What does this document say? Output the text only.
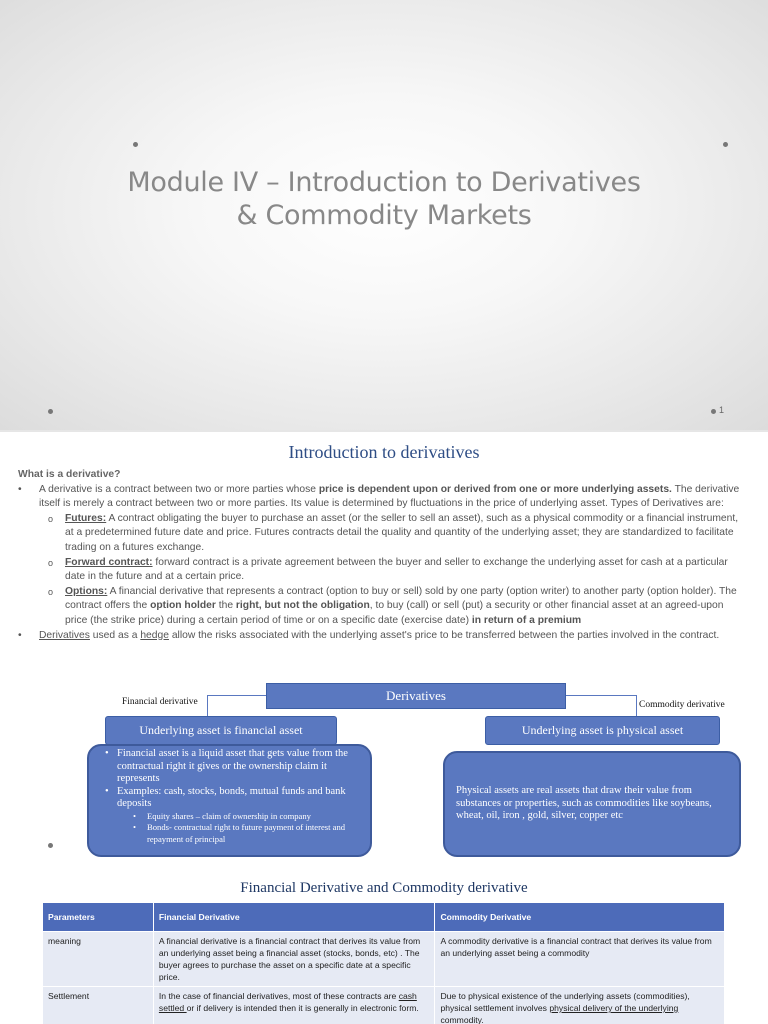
Module IV – Introduction to Derivatives
& Commodity Markets
1
Introduction to derivatives
What is a derivative?
• A derivative is a contract between two or more parties whose price is dependent upon or derived from one or more underlying assets. The derivative itself is merely a contract between two or more parties. Its value is determined by fluctuations in the price of underlying asset. Types of Derivatives are:
o Futures: A contract obligating the buyer to purchase an asset (or the seller to sell an asset), such as a physical commodity or a financial instrument, at a predetermined future date and price. Futures contracts detail the quality and quantity of the underlying asset; they are standardized to facilitate trading on a futures exchange.
o Forward contract: forward contract is a private agreement between the buyer and seller to exchange the underlying asset for cash at a particular date in the future and at a certain price.
o Options: A financial derivative that represents a contract (option to buy or sell) sold by one party (option writer) to another party (option holder). The contract offers the option holder the right, but not the obligation, to buy (call) or sell (put) a security or other financial asset at an agreed-upon price (the strike price) during a certain period of time or on a specific date (exercise date) in return of a premium
• Derivatives used as a hedge allow the risks associated with the underlying asset's price to be transferred between the parties involved in the contract.
Financial derivative	Commodity derivative
Derivatives
Underlying asset is financial asset	Underlying asset is physical asset
• Financial asset is a liquid asset that gets value from the contractual right it gives or the ownership claim it represents
• Examples: cash, stocks, bonds, mutual funds and bank deposits
• Equity shares – claim of ownership in company
• Bonds- contractual right to future payment of interest and repayment of principal
Physical assets are real assets that draw their value from substances or properties, such as commodities like soybeans, wheat, oil, iron , gold, silver, copper etc
Financial Derivative and Commodity derivative
Parameters	Financial Derivative	Commodity Derivative
meaning	A financial derivative is a financial contract that derives its value from an underlying asset being a financial asset (stocks, bonds, etc) . The buyer agrees to purchase the asset on a specific date at a specific price.	A commodity derivative is a financial contract that derives its value from an underlying asset being a commodity
Settlement	In the case of financial derivatives, most of these contracts are cash settled or if delivery is intended then it is generally in electronic form.	Due to physical existence of the underlying assets (commodities), physical settlement involves physical delivery of the underlying commodity.
